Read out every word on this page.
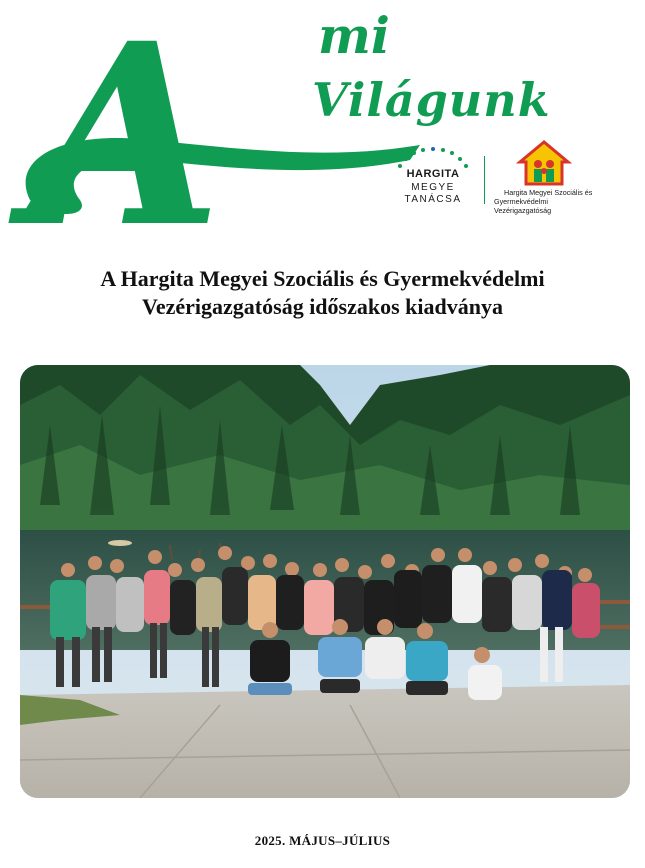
A mi
Világunk
HARGITA
MEGYE
TANÁCSA
Hargita Megyei Szociális és
Gyermekvédelmi Vezérigazgatóság
A Hargita Megyei Szociális és Gyermekvédelmi
Vezérigazgatóság időszakos kiadványa
2025. MÁJUS–JÚLIUS
